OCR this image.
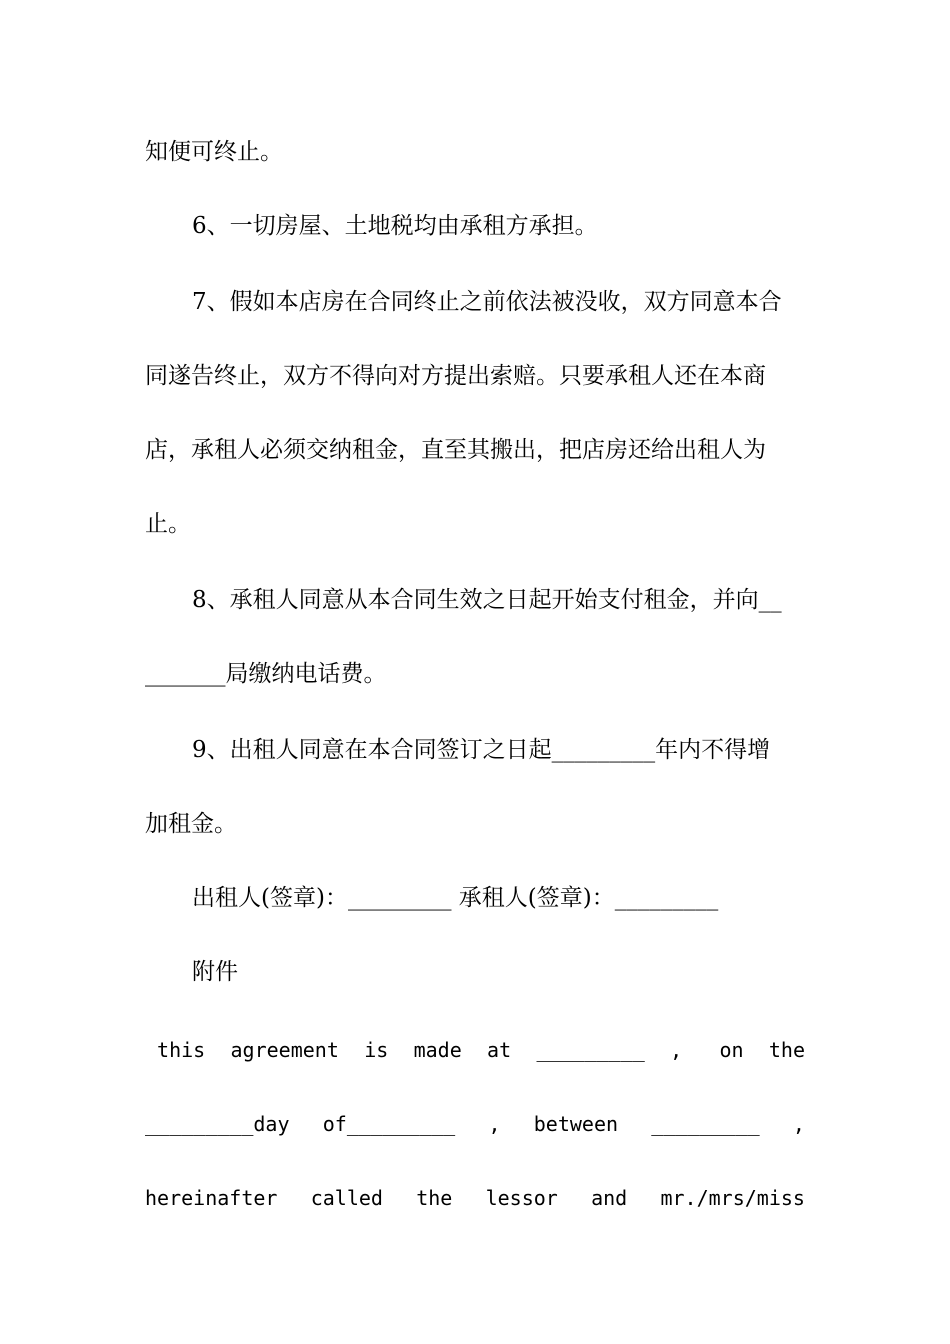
知便可终止。
6、一切房屋、土地税均由承租方承担。
7、假如本店房在合同终止之前依法被没收，双方同意本合
同遂告终止，双方不得向对方提出索赔。只要承租人还在本商
店，承租人必须交纳租金，直至其搬出，把店房还给出租人为
止。
8、承租人同意从本合同生效之日起开始支付租金，并向__
_______局缴纳电话费。
9、出租人同意在本合同签订之日起_________年内不得增
加租金。
出租人(签章)：_________ 承租人(签章)：_________
附件
this agreement is made at _________ , on the
_________day of_________ , between _________ ,
hereinafter called the lessor and mr./mrs/miss
